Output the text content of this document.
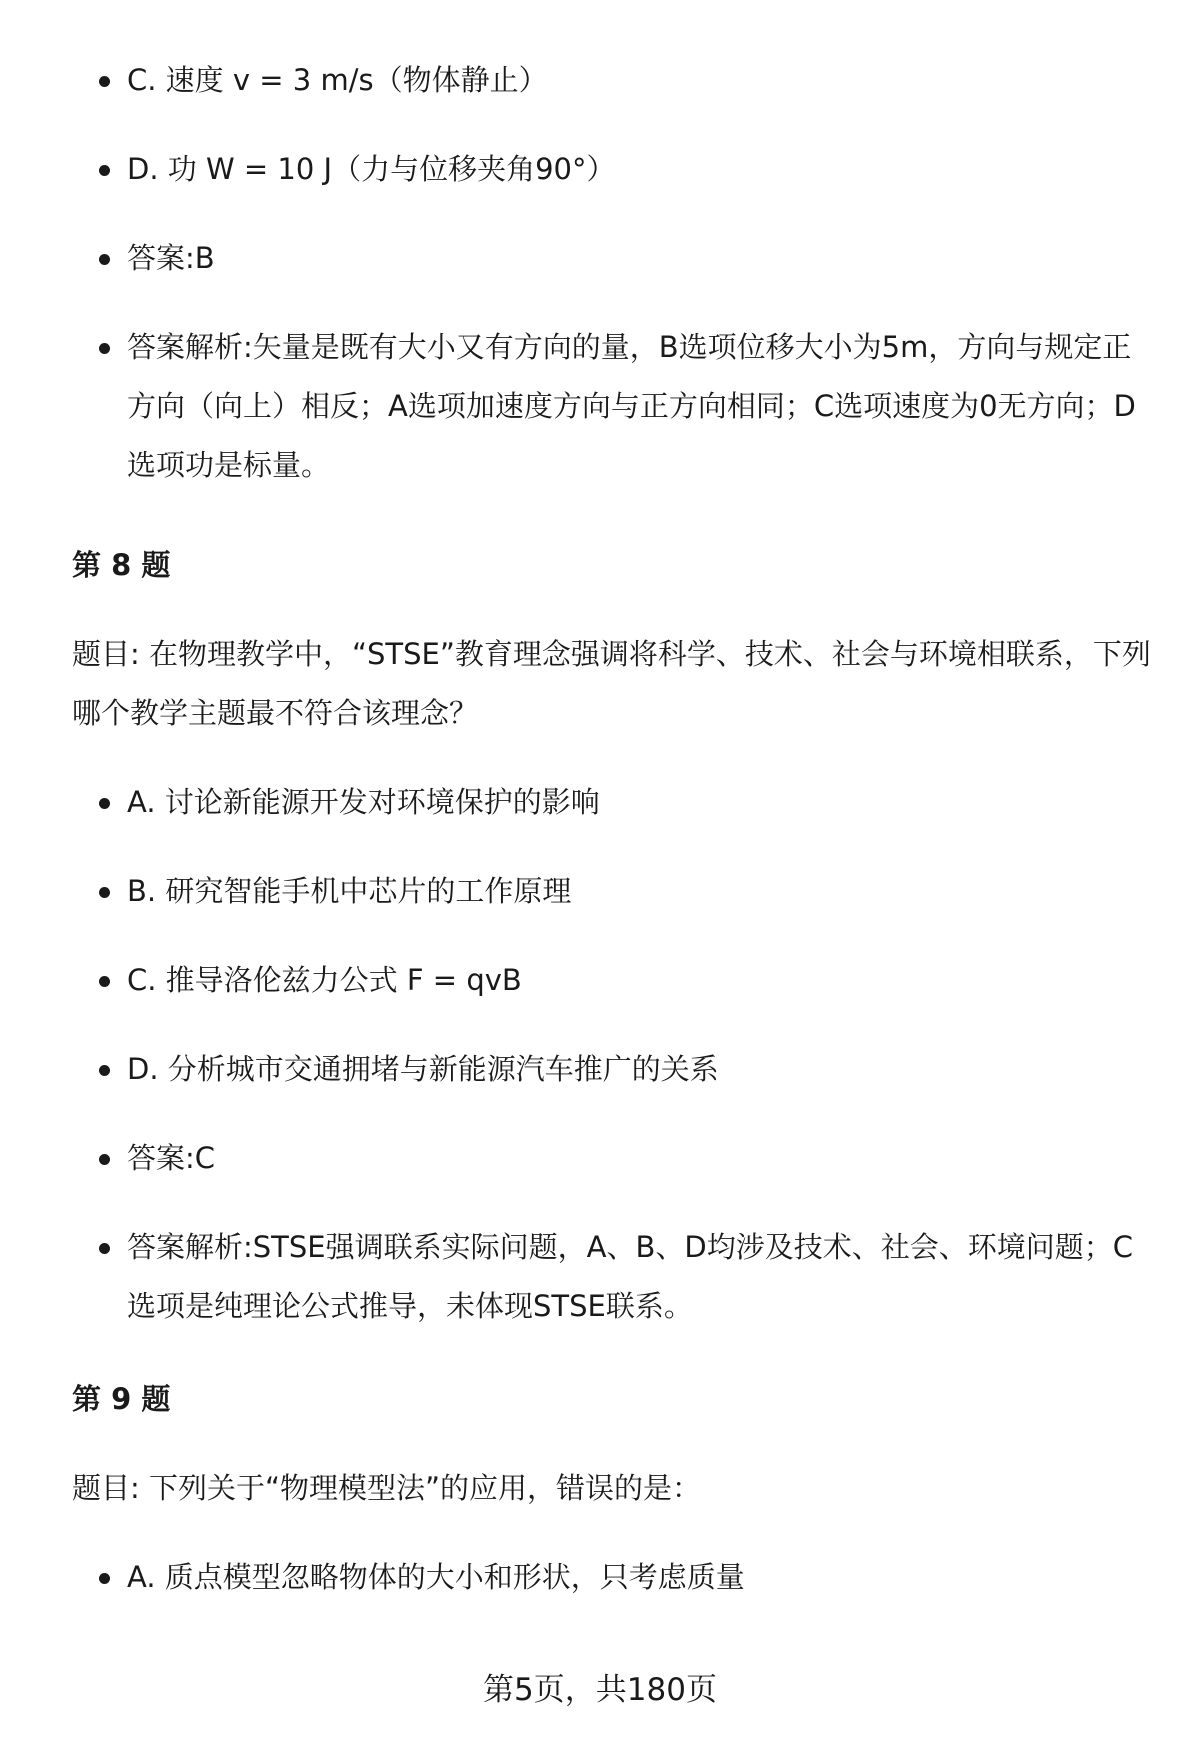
C. 速度 v = 3 m/s（物体静止）
D. 功 W = 10 J（力与位移夹角90°）
答案:B
答案解析:矢量是既有大小又有方向的量，B选项位移大小为5m，方向与规定正方向（向上）相反；A选项加速度方向与正方向相同；C选项速度为0无方向；D选项功是标量。
第 8 题
题目: 在物理教学中，“STSE”教育理念强调将科学、技术、社会与环境相联系，下列哪个教学主题最不符合该理念？
A. 讨论新能源开发对环境保护的影响
B. 研究智能手机中芯片的工作原理
C. 推导洛伦兹力公式 F = qvB
D. 分析城市交通拥堵与新能源汽车推广的关系
答案:C
答案解析:STSE强调联系实际问题，A、B、D均涉及技术、社会、环境问题；C选项是纯理论公式推导，未体现STSE联系。
第 9 题
题目: 下列关于“物理模型法”的应用，错误的是：
A. 质点模型忽略物体的大小和形状，只考虑质量
第5页，共180页
